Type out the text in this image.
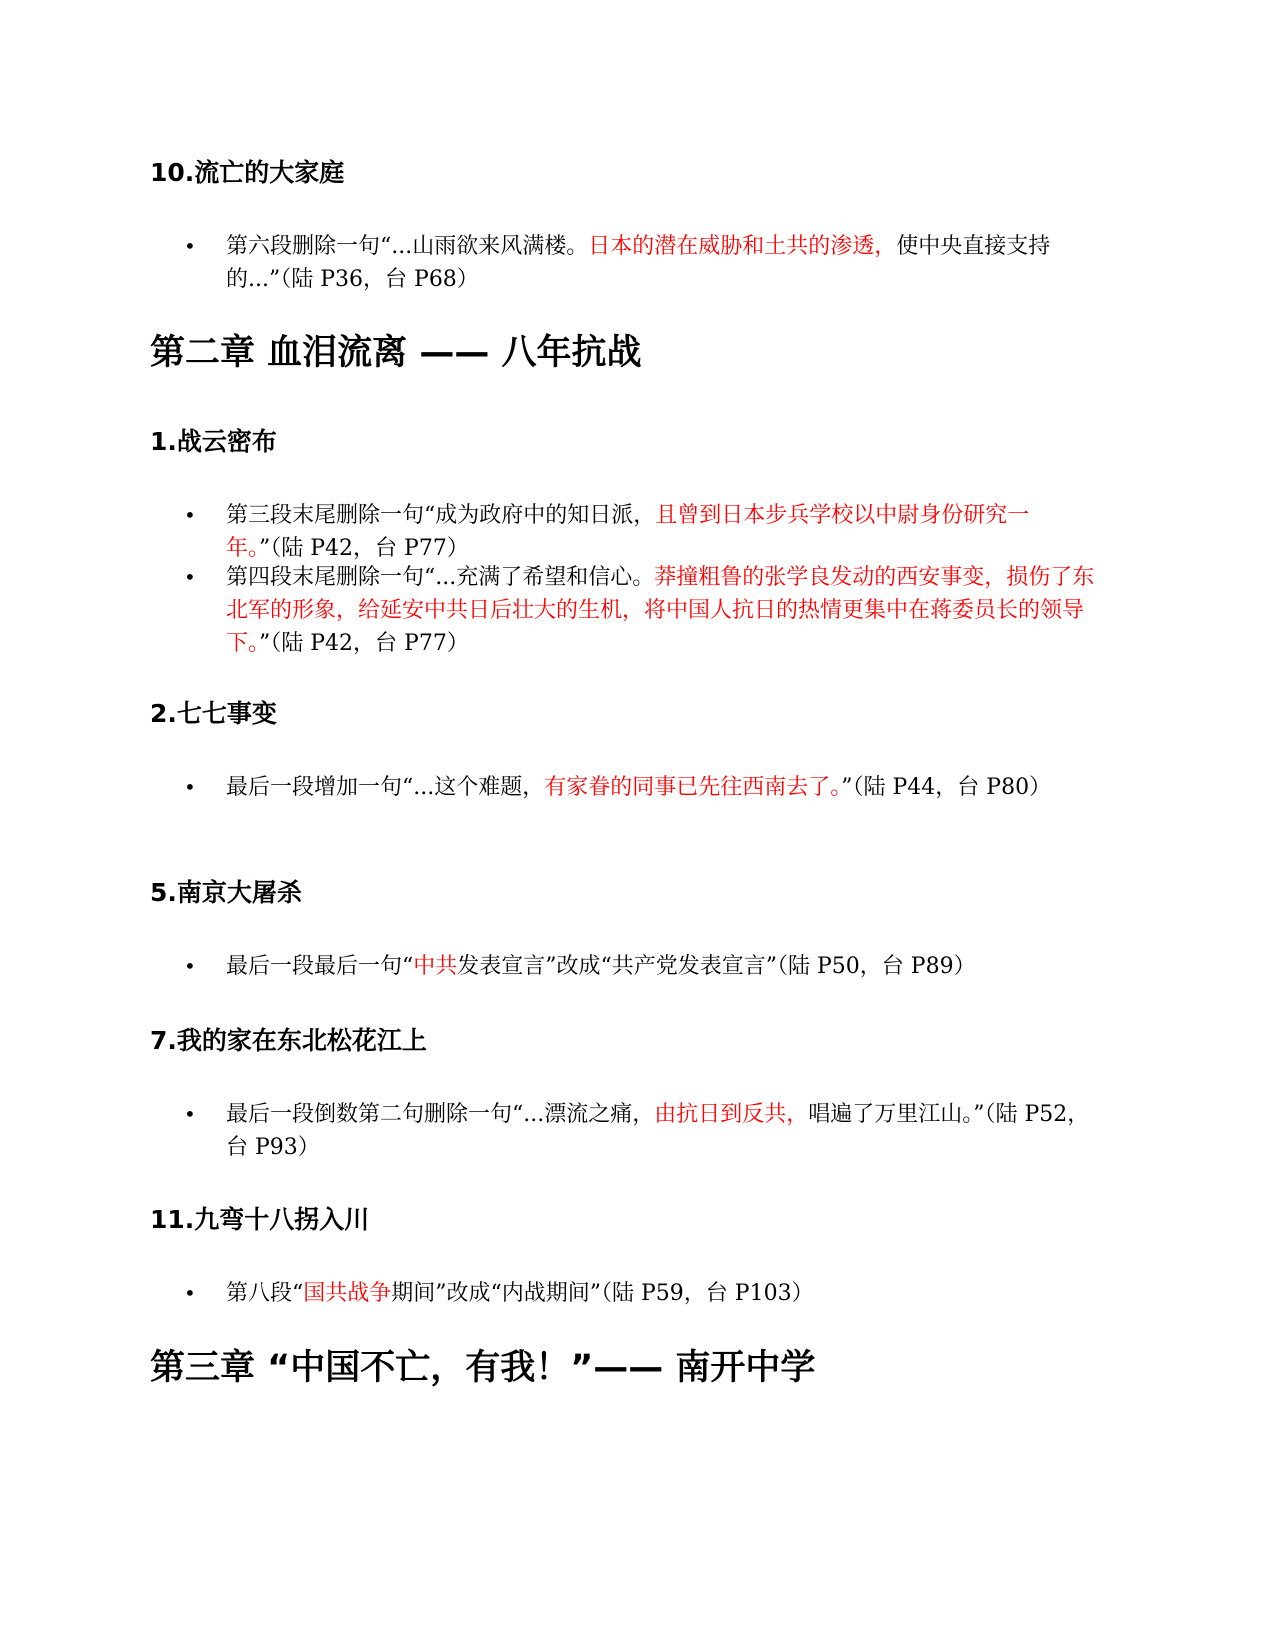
10.流亡的大家庭
• 第六段删除一句“...山雨欲来风满楼。日本的潜在威胁和土共的渗透，使中央直接支持的...”（陆 P36，台 P68）
第二章 血泪流离 —— 八年抗战
1.战云密布
• 第三段末尾删除一句“成为政府中的知日派，且曾到日本步兵学校以中尉身份研究一年。”（陆 P42，台 P77）
• 第四段末尾删除一句“...充满了希望和信心。莽撞粗鲁的张学良发动的西安事变，损伤了东北军的形象，给延安中共日后壮大的生机，将中国人抗日的热情更集中在蒋委员长的领导下。”（陆 P42，台 P77）
2.七七事变
• 最后一段增加一句“...这个难题，有家眷的同事已先往西南去了。”（陆 P44，台 P80）
5.南京大屠杀
• 最后一段最后一句“中共发表宣言”改成“共产党发表宣言”（陆 P50，台 P89）
7.我的家在东北松花江上
• 最后一段倒数第二句删除一句“...漂流之痛，由抗日到反共，唱遍了万里江山。”（陆 P52，台 P93）
11.九弯十八拐入川
• 第八段“国共战争期间”改成“内战期间”（陆 P59，台 P103）
第三章 “中国不亡，有我！”—— 南开中学
